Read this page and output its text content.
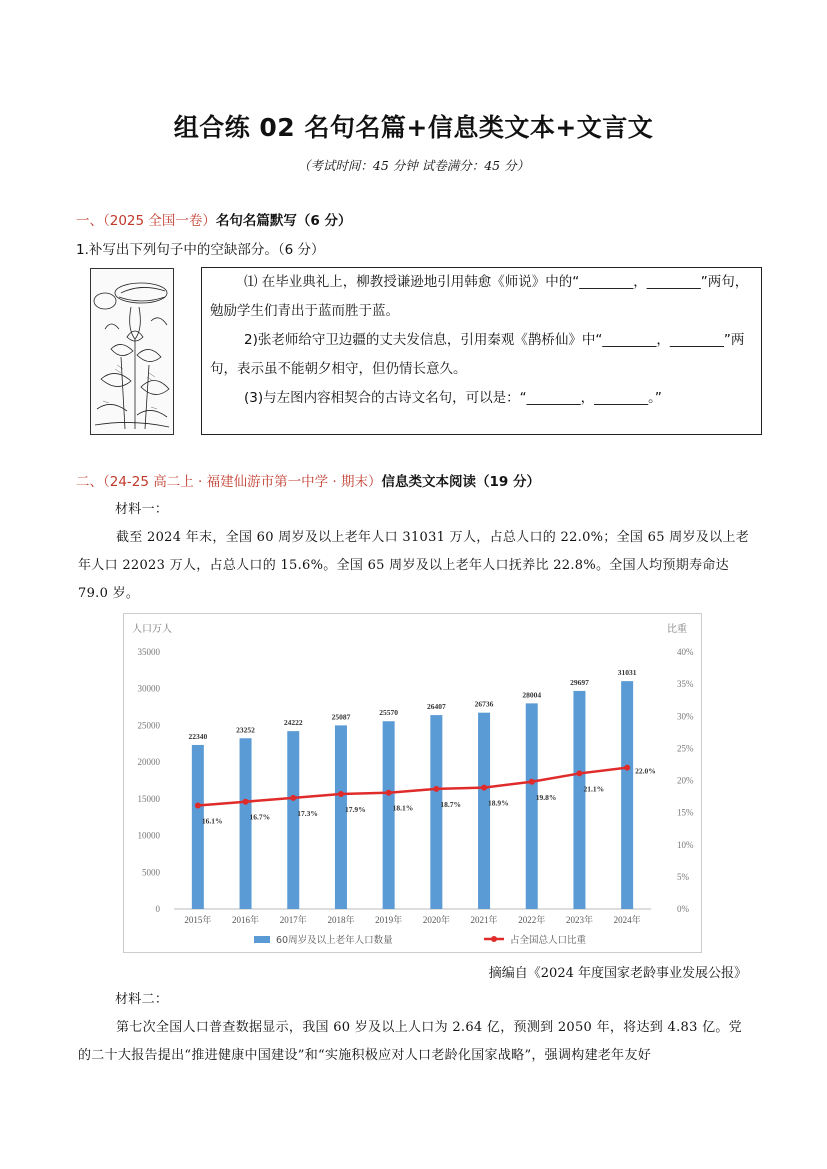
组合练 02 名句名篇+信息类文本+文言文
（考试时间：45 分钟 试卷满分：45 分）
一、（2025 全国一卷）名句名篇默写（6 分）
1.补写出下列句子中的空缺部分。（6 分）

⑴ 在毕业典礼上，柳教授谦逊地引用韩愈《师说》中的“________，________”两句，勉励学生们青出于蓝而胜于蓝。

2)张老师给守卫边疆的丈夫发信息，引用秦观《鹊桥仙》中“________，________”两句，表示虽不能朝夕相守，但仍情长意久。

(3)与左图内容相契合的古诗文名句，可以是：“________，________。”

二、（24-25 高二上 · 福建仙游市第一中学 · 期末）信息类文本阅读（19 分）
材料一：
截至 2024 年末，全国 60 周岁及以上老年人口 31031 万人，占总人口的 22.0%；全国 65 周岁及以上老年人口 22023 万人，占总人口的 15.6%。全国 65 周岁及以上老年人口抚养比 22.8%。全国人均预期寿命达 79.0 岁。
人口万人	比重
0
5000
10000
15000
20000
25000
30000
35000
0%
5%
10%
15%
20%
25%
30%
35%
40%
22340
2015年
23252
2016年
24222
2017年
25087
2018年
25570
2019年
26407
2020年
26736
2021年
28004
2022年
29697
2023年
31031
2024年
16.1%	16.7%	17.3%	17.9%	18.1%	18.7%	18.9%
19.8%
21.1%
22.0%
60周岁及以上老年人口数量	占全国总人口比重
摘编自《2024 年度国家老龄事业发展公报》
材料二：
第七次全国人口普查数据显示，我国 60 岁及以上人口为 2.64 亿，预测到 2050 年，将达到 4.83 亿。党的二十大报告提出“推进健康中国建设”和“实施积极应对人口老龄化国家战略”，强调构建老年友好
